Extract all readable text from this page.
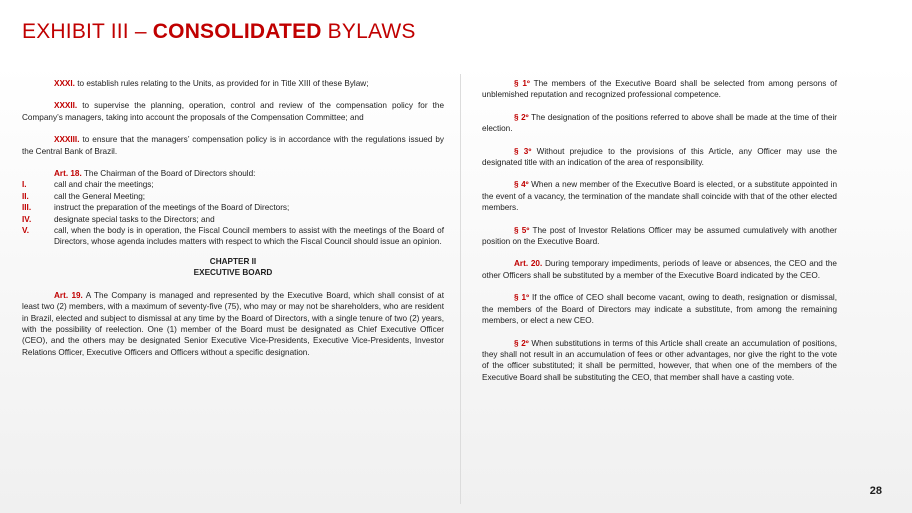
EXHIBIT III – CONSOLIDATED BYLAWS

XXXI. to establish rules relating to the Units, as provided for in Title XIII of these Bylaw;

XXXII. to supervise the planning, operation, control and review of the compensation policy for the Company’s managers, taking into account the proposals of the Compensation Committee; and

XXXIII. to ensure that the managers’ compensation policy is in accordance with the regulations issued by the Central Bank of Brazil.

Art. 18. The Chairman of the Board of Directors should:

I.	call and chair the meetings;
II.	call the General Meeting;
III.	instruct the preparation of the meetings of the Board of Directors;
IV.	designate special tasks to the Directors; and
V.	call, when the body is in operation, the Fiscal Council members to assist with the meetings of the Board of Directors, whose agenda includes matters with respect to which the Fiscal Council should issue an opinion.
CHAPTER II
EXECUTIVE BOARD

Art. 19. A The Company is managed and represented by the Executive Board, which shall consist of at least two (2) members, with a maximum of seventy-five (75), who may or may not be shareholders, who are resident in Brazil, elected and subject to dismissal at any time by the Board of Directors, with a single tenure of two (2) years, with the possibility of reelection. One (1) member of the Board must be designated as Chief Executive Officer (CEO), and the others may be designated Senior Executive Vice-Presidents, Executive Vice-Presidents, Investor Relations Officer, Executive Officers and Officers without a specific designation.

§ 1º The members of the Executive Board shall be selected from among persons of unblemished reputation and recognized professional competence.

§ 2º The designation of the positions referred to above shall be made at the time of their election.

§ 3º Without prejudice to the provisions of this Article, any Officer may use the designated title with an indication of the area of responsibility.

§ 4º When a new member of the Executive Board is elected, or a substitute appointed in the event of a vacancy, the termination of the mandate shall coincide with that of the other elected members.

§ 5º The post of Investor Relations Officer may be assumed cumulatively with another position on the Executive Board.

Art. 20. During temporary impediments, periods of leave or absences, the CEO and the other Officers shall be substituted by a member of the Executive Board indicated by the CEO.

§ 1º If the office of CEO shall become vacant, owing to death, resignation or dismissal, the members of the Board of Directors may indicate a substitute, from among the remaining members, or elect a new CEO.

§ 2º When substitutions in terms of this Article shall create an accumulation of positions, they shall not result in an accumulation of fees or other advantages, nor give the right to the vote of the officer substituted; it shall be permitted, however, that when one of the members of the Executive Board shall be substituting the CEO, that member shall have a casting vote.

28
